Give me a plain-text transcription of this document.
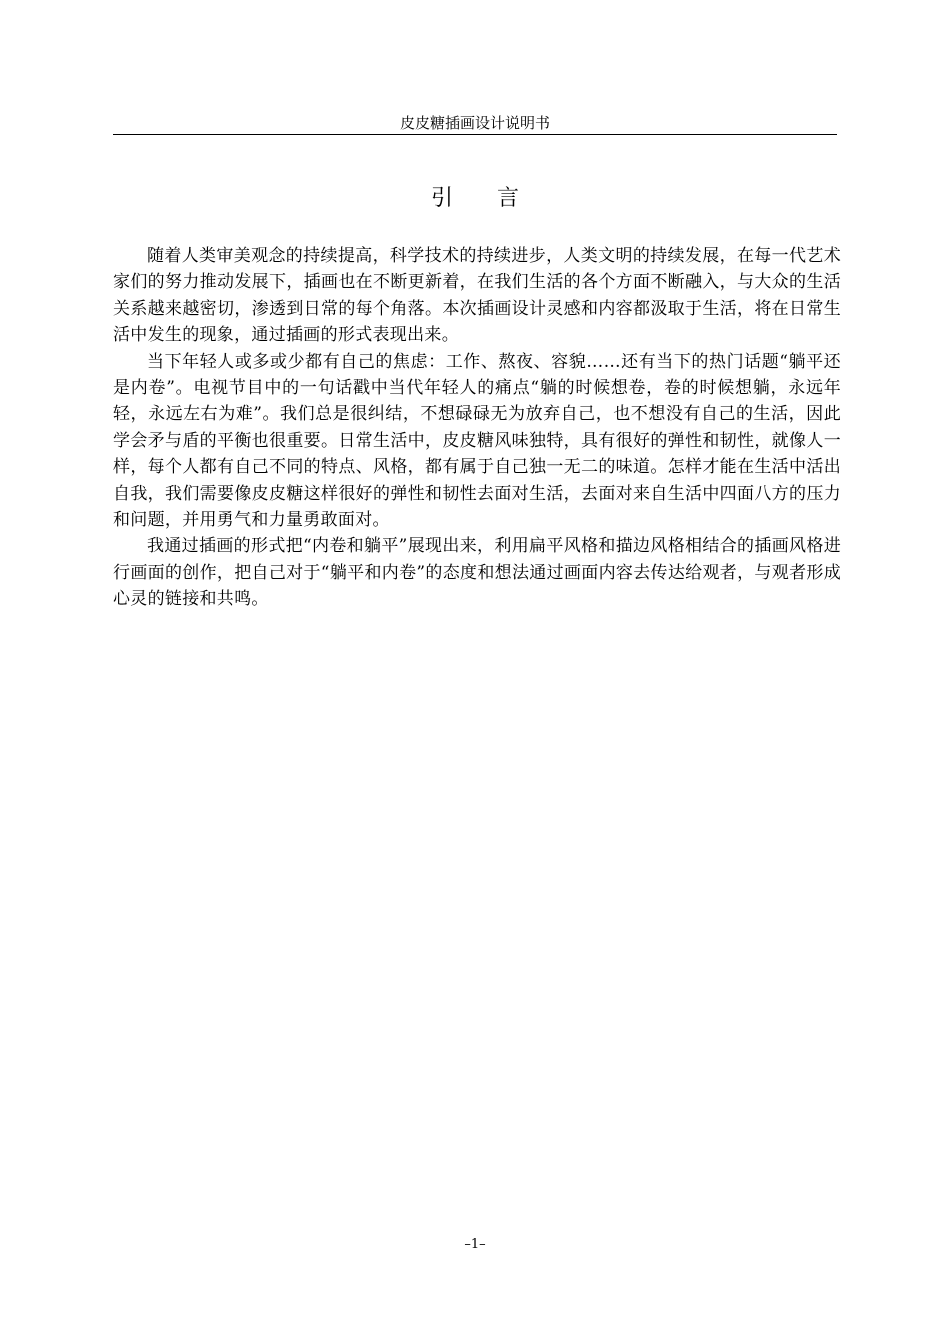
皮皮糖插画设计说明书
引言

随着人类审美观念的持续提高，科学技术的持续进步，人类文明的持续发展，在每一代艺术家们的努力推动发展下，插画也在不断更新着，在我们生活的各个方面不断融入，与大众的生活关系越来越密切，渗透到日常的每个角落。本次插画设计灵感和内容都汲取于生活，将在日常生活中发生的现象，通过插画的形式表现出来。

当下年轻人或多或少都有自己的焦虑：工作、熬夜、容貌……还有当下的热门话题“躺平还是内卷”。电视节目中的一句话戳中当代年轻人的痛点“躺的时候想卷，卷的时候想躺，永远年轻，永远左右为难”。我们总是很纠结，不想碌碌无为放弃自己，也不想没有自己的生活，因此学会矛与盾的平衡也很重要。日常生活中，皮皮糖风味独特，具有很好的弹性和韧性，就像人一样，每个人都有自己不同的特点、风格，都有属于自己独一无二的味道。怎样才能在生活中活出自我，我们需要像皮皮糖这样很好的弹性和韧性去面对生活，去面对来自生活中四面八方的压力和问题，并用勇气和力量勇敢面对。

我通过插画的形式把“内卷和躺平”展现出来，利用扁平风格和描边风格相结合的插画风格进行画面的创作，把自己对于“躺平和内卷”的态度和想法通过画面内容去传达给观者，与观者形成心灵的链接和共鸣。

–1–
